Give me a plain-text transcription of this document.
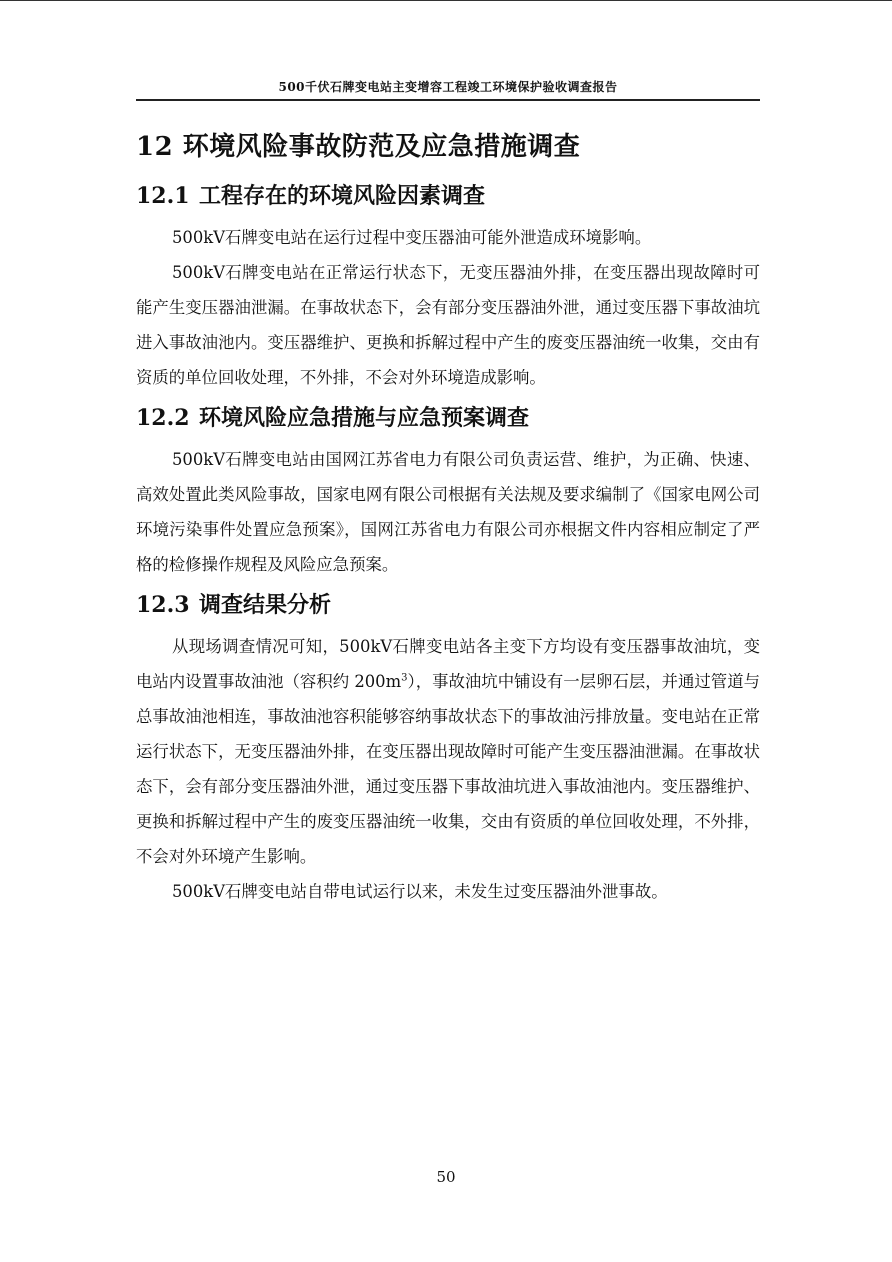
500千伏石牌变电站主变增容工程竣工环境保护验收调查报告
12 环境风险事故防范及应急措施调查
12.1 工程存在的环境风险因素调查

500kV石牌变电站在运行过程中变压器油可能外泄造成环境影响。

500kV石牌变电站在正常运行状态下，无变压器油外排，在变压器出现故障时可能产生变压器油泄漏。在事故状态下，会有部分变压器油外泄，通过变压器下事故油坑进入事故油池内。变压器维护、更换和拆解过程中产生的废变压器油统一收集，交由有资质的单位回收处理，不外排，不会对外环境造成影响。

12.2 环境风险应急措施与应急预案调查

500kV石牌变电站由国网江苏省电力有限公司负责运营、维护，为正确、快速、高效处置此类风险事故，国家电网有限公司根据有关法规及要求编制了《国家电网公司环境污染事件处置应急预案》，国网江苏省电力有限公司亦根据文件内容相应制定了严格的检修操作规程及风险应急预案。

12.3 调查结果分析

从现场调查情况可知，500kV石牌变电站各主变下方均设有变压器事故油坑，变电站内设置事故油池（容积约 $200m^3$），事故油坑中铺设有一层卵石层，并通过管道与总事故油池相连，事故油池容积能够容纳事故状态下的事故油污排放量。变电站在正常运行状态下，无变压器油外排，在变压器出现故障时可能产生变压器油泄漏。在事故状态下，会有部分变压器油外泄，通过变压器下事故油坑进入事故油池内。变压器维护、更换和拆解过程中产生的废变压器油统一收集，交由有资质的单位回收处理，不外排，不会对外环境产生影响。

500kV石牌变电站自带电试运行以来，未发生过变压器油外泄事故。

50
